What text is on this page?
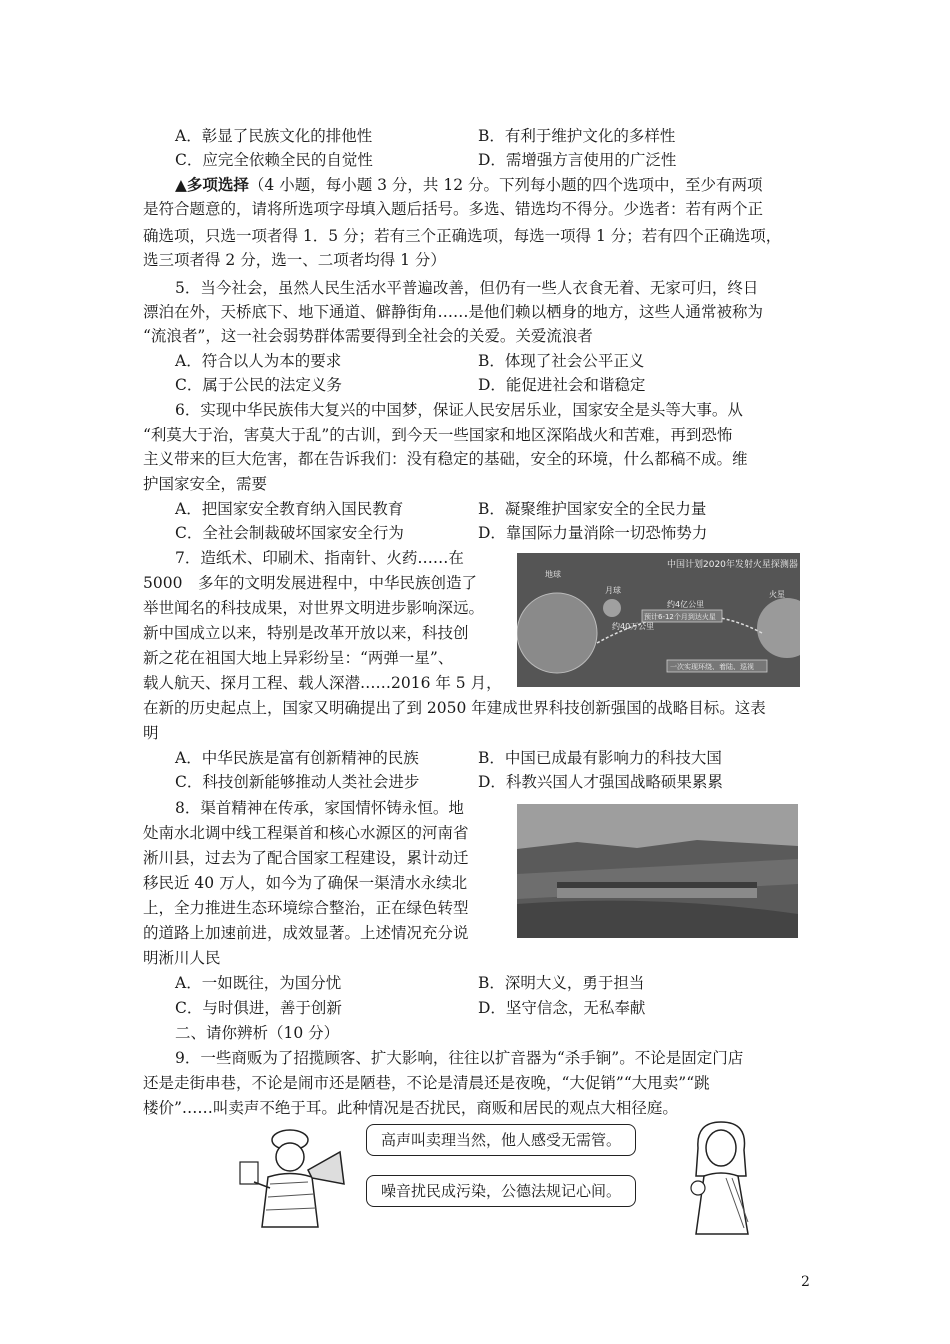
A．彰显了民族文化的排他性	B．有利于维护文化的多样性
C．应完全依赖全民的自觉性	D．需增强方言使用的广泛性
▲多项选择（4 小题，每小题 3 分，共 12 分。下列每小题的四个选项中，至少有两项
是符合题意的，请将所选项字母填入题后括号。多选、错选均不得分。少选者：若有两个正
确选项，只选一项者得 1．5 分；若有三个正确选项，每选一项得 1 分；若有四个正确选项，
选三项者得 2 分，选一、二项者均得 1 分）
5．当今社会，虽然人民生活水平普遍改善，但仍有一些人衣食无着、无家可归，终日
漂泊在外，天桥底下、地下通道、僻静街角……是他们赖以栖身的地方，这些人通常被称为
“流浪者”，这一社会弱势群体需要得到全社会的关爱。关爱流浪者
A．符合以人为本的要求	B．体现了社会公平正义
C．属于公民的法定义务	D．能促进社会和谐稳定
6．实现中华民族伟大复兴的中国梦，保证人民安居乐业，国家安全是头等大事。从
“利莫大于治，害莫大于乱”的古训，到今天一些国家和地区深陷战火和苦难，再到恐怖
主义带来的巨大危害，都在告诉我们：没有稳定的基础，安全的环境，什么都稿不成。维
护国家安全，需要
A．把国家安全教育纳入国民教育	B．凝聚维护国家安全的全民力量
C．全社会制裁破坏国家安全行为	D．靠国际力量消除一切恐怖势力
7．造纸术、印刷术、指南针、火药……在
5000　多年的文明发展进程中，中华民族创造了
举世闻名的科技成果，对世界文明进步影响深远。
新中国成立以来，特别是改革开放以来，科技创
新之花在祖国大地上异彩纷呈：“两弹一星”、
载人航天、探月工程、载人深潜……2016 年 5 月，
在新的历史起点上，国家又明确提出了到 2050 年建成世界科技创新强国的战略目标。这表
明
中国计划2020年发射火星探测器
地球
月球	火星
约40万公里
约4亿公里
预计6-12个月到达火星
一次实现环绕、着陆、巡视
A．中华民族是富有创新精神的民族	B．中国已成最有影响力的科技大国
C．科技创新能够推动人类社会进步	D．科教兴国人才强国战略硕果累累
8．渠首精神在传承，家国情怀铸永恒。地
处南水北调中线工程渠首和核心水源区的河南省
淅川县，过去为了配合国家工程建设，累计动迁
移民近 40 万人，如今为了确保一渠清水永续北
上，全力推进生态环境综合整治，正在绿色转型
的道路上加速前进，成效显著。上述情况充分说
明淅川人民
A．一如既往，为国分忧	B．深明大义，勇于担当
C．与时俱进，善于创新	D．坚守信念，无私奉献
二、请你辨析（10 分）
9．一些商贩为了招揽顾客、扩大影响，往往以扩音器为“杀手锏”。不论是固定门店
还是走街串巷，不论是闹市还是陋巷，不论是清晨还是夜晚，“大促销”“大甩卖”“跳
楼价”……叫卖声不绝于耳。此种情况是否扰民，商贩和居民的观点大相径庭。
高声叫卖理当然，他人感受无需管。
噪音扰民成污染，公德法规记心间。
2
